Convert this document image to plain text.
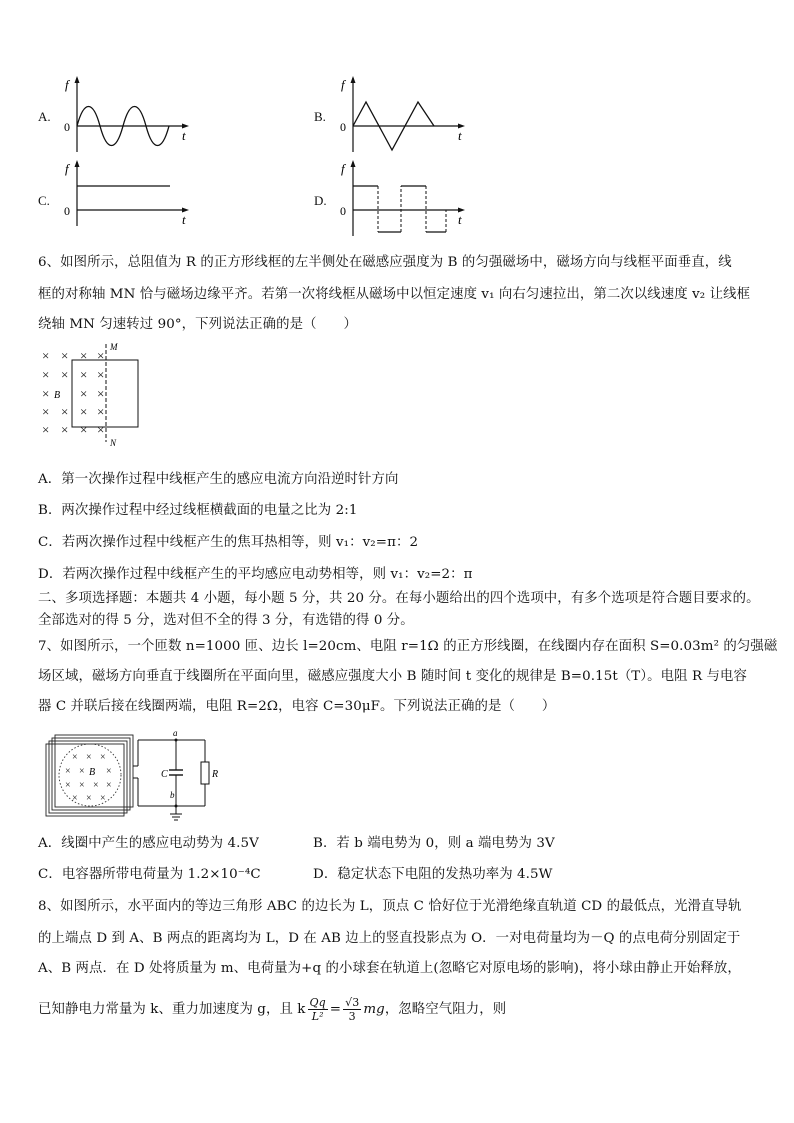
A.
f
0
t
B.
f
0
t
C.
f
0
t
D.
f
0
t
6、如图所示，总阻值为 R 的正方形线框的左半侧处在磁感应强度为 B 的匀强磁场中，磁场方向与线框平面垂直，线
框的对称轴 MN 恰与磁场边缘平齐。若第一次将线框从磁场中以恒定速度 v₁ 向右匀速拉出，第二次以线速度 v₂ 让线框
绕轴 MN 匀速转过 90°，下列说法正确的是（　　）
× × × ×
× × × ×
× × ×
× × × ×
× × × ×
B
M
N
A．第一次操作过程中线框产生的感应电流方向沿逆时针方向
B．两次操作过程中经过线框横截面的电量之比为 2:1
C．若两次操作过程中线框产生的焦耳热相等，则 v₁：v₂=π：2
D．若两次操作过程中线框产生的平均感应电动势相等，则 v₁：v₂=2：π
二、多项选择题：本题共 4 小题，每小题 5 分，共 20 分。在每小题给出的四个选项中，有多个选项是符合题目要求的。
全部选对的得 5 分，选对但不全的得 3 分，有选错的得 0 分。
7、如图所示，一个匝数 n=1000 匝、边长 l=20cm、电阻 r=1Ω 的正方形线圈，在线圈内存在面积 S=0.03m² 的匀强磁
场区域，磁场方向垂直于线圈所在平面向里，磁感应强度大小 B 随时间 t 变化的规律是 B=0.15t（T）。电阻 R 与电容
器 C 并联后接在线圈两端，电阻 R=2Ω，电容 C=30μF。下列说法正确的是（　　）
× × ×
× × ×
× × × ×
× × ×
B	C	R
a
b
A．线圈中产生的感应电动势为 4.5V	B．若 b 端电势为 0，则 a 端电势为 3V
C．电容器所带电荷量为 1.2×10⁻⁴C	D．稳定状态下电阻的发热功率为 4.5W
8、如图所示，水平面内的等边三角形 ABC 的边长为 L，顶点 C 恰好位于光滑绝缘直轨道 CD 的最低点，光滑直导轨
的上端点 D 到 A、B 两点的距离均为 L，D 在 AB 边上的竖直投影点为 O．一对电荷量均为－Q 的点电荷分别固定于
A、B 两点．在 D 处将质量为 m、电荷量为+q 的小球套在轨道上(忽略它对原电场的影响)，将小球由静止开始释放，
已知静电力常量为 k、重力加速度为 g，且 k $\frac{Qq}{\text{L²}} = \frac{√3}{3}$ mg，忽略空气阻力，则
